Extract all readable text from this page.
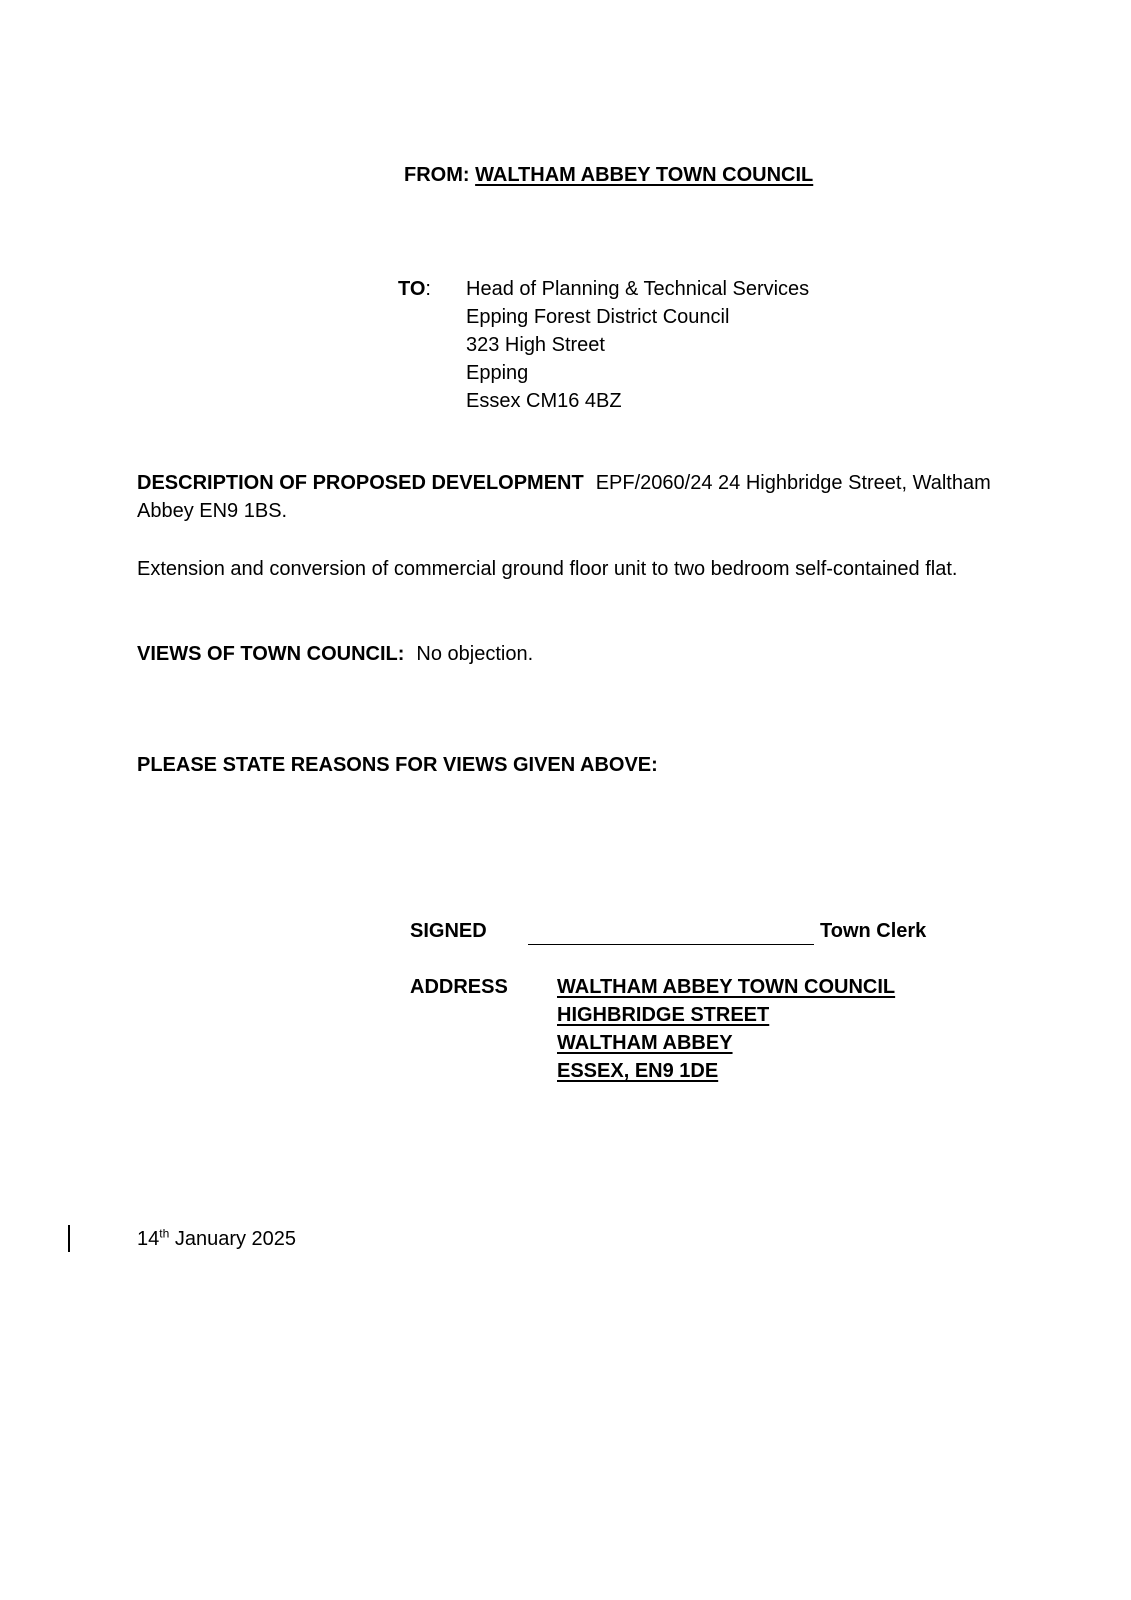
FROM: WALTHAM ABBEY TOWN COUNCIL
TO: Head of Planning & Technical Services
Epping Forest District Council
323 High Street
Epping
Essex CM16 4BZ
DESCRIPTION OF PROPOSED DEVELOPMENT EPF/2060/24 24 Highbridge Street, Waltham Abbey EN9 1BS.
Extension and conversion of commercial ground floor unit to two bedroom self-contained flat.
VIEWS OF TOWN COUNCIL: No objection.
PLEASE STATE REASONS FOR VIEWS GIVEN ABOVE:
SIGNED	Town Clerk
ADDRESS WALTHAM ABBEY TOWN COUNCIL
HIGHBRIDGE STREET
WALTHAM ABBEY
ESSEX, EN9 1DE
14th January 2025
